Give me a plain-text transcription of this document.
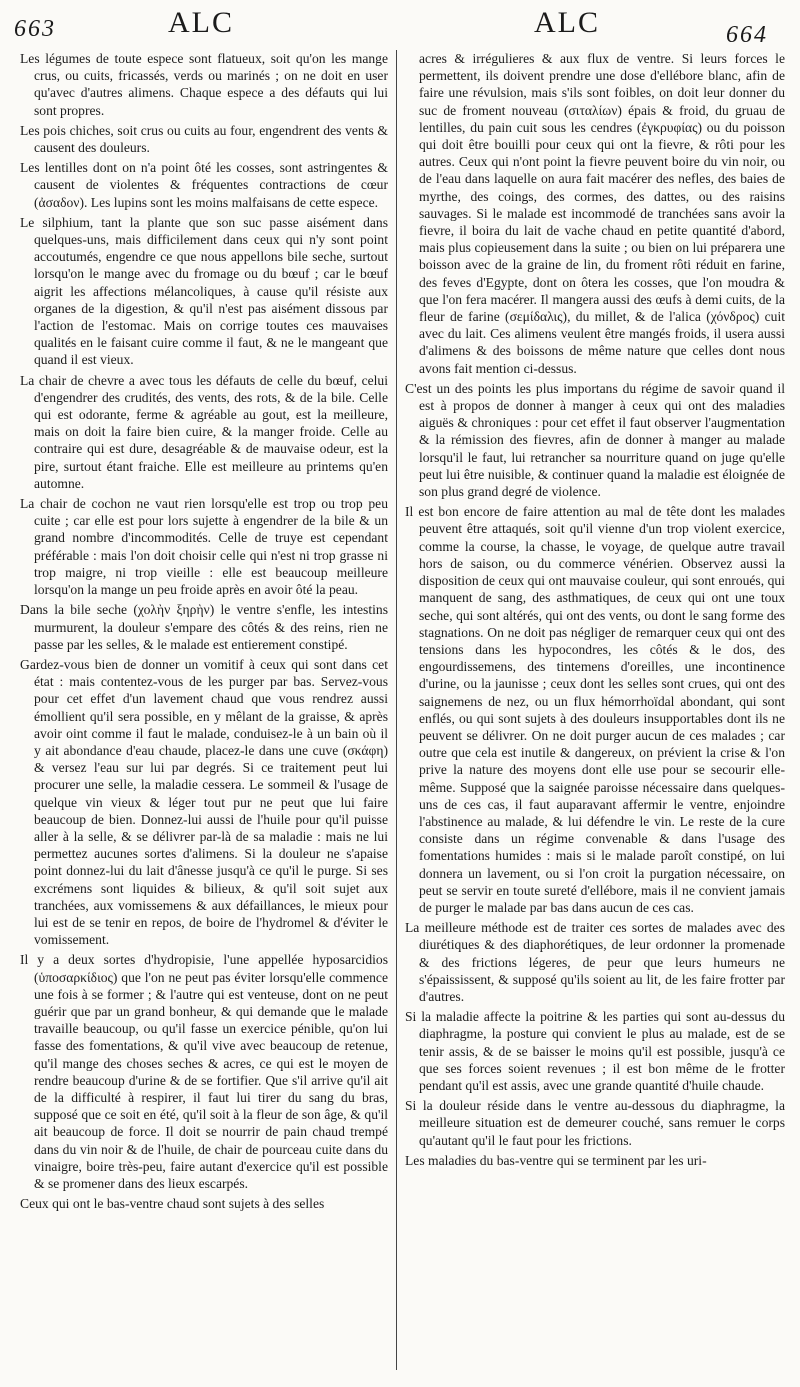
663	ALC	ALC	664

Les légumes de toute espece sont flatueux, soit qu'on les mange crus, ou cuits, fricassés, verds ou marinés ; on ne doit en user qu'avec d'autres alimens. Chaque espece a des défauts qui lui sont propres.

Les pois chiches, soit crus ou cuits au four, engendrent des vents & causent des douleurs.

Les lentilles dont on n'a point ôté les cosses, sont astringentes & causent de violentes & fréquentes contractions de cœur (ἀσαδον). Les lupins sont les moins malfaisans de cette espece.

Le silphium, tant la plante que son suc passe aisément dans quelques-uns, mais difficilement dans ceux qui n'y sont point accoutumés, engendre ce que nous appellons bile seche, surtout lorsqu'on le mange avec du fromage ou du bœuf ; car le bœuf aigrit les affections mélancoliques, à cause qu'il résiste aux organes de la digestion, & qu'il n'est pas aisément dissous par l'action de l'estomac. Mais on corrige toutes ces mauvaises qualités en le faisant cuire comme il faut, & ne le mangeant que quand il est vieux.

La chair de chevre a avec tous les défauts de celle du bœuf, celui d'engendrer des crudités, des vents, des rots, & de la bile. Celle qui est odorante, ferme & agréable au gout, est la meilleure, mais on doit la faire bien cuire, & la manger froide. Celle au contraire qui est dure, desagréable & de mauvaise odeur, est la pire, surtout étant fraiche. Elle est meilleure au printems qu'en automne.

La chair de cochon ne vaut rien lorsqu'elle est trop ou trop peu cuite ; car elle est pour lors sujette à engendrer de la bile & un grand nombre d'incommodités. Celle de truye est cependant préférable : mais l'on doit choisir celle qui n'est ni trop grasse ni trop maigre, ni trop vieille : elle est beaucoup meilleure lorsqu'on la mange un peu froide après en avoir ôté la peau.

Dans la bile seche (χολὴν ξηρὴν) le ventre s'enfle, les intestins murmurent, la douleur s'empare des côtés & des reins, rien ne passe par les selles, & le malade est entierement constipé.

Gardez-vous bien de donner un vomitif à ceux qui sont dans cet état : mais contentez-vous de les purger par bas. Servez-vous pour cet effet d'un lavement chaud que vous rendrez aussi émollient qu'il sera possible, en y mêlant de la graisse, & après avoir oint comme il faut le malade, conduisez-le à un bain où il y ait abondance d'eau chaude, placez-le dans une cuve (σκάφη) & versez l'eau sur lui par degrés. Si ce traitement peut lui procurer une selle, la maladie cessera. Le sommeil & l'usage de quelque vin vieux & léger tout pur ne peut que lui faire beaucoup de bien. Donnez-lui aussi de l'huile pour qu'il puisse aller à la selle, & se délivrer par-là de sa maladie : mais ne lui permettez aucunes sortes d'alimens. Si la douleur ne s'apaise point donnez-lui du lait d'ânesse jusqu'à ce qu'il le purge. Si ses excrémens sont liquides & bilieux, & qu'il soit sujet aux tranchées, aux vomissemens & aux défaillances, le mieux pour lui est de se tenir en repos, de boire de l'hydromel & d'éviter le vomissement.

Il y a deux sortes d'hydropisie, l'une appellée hyposarcidios (ὑποσαρκίδιος) que l'on ne peut pas éviter lorsqu'elle commence une fois à se former ; & l'autre qui est venteuse, dont on ne peut guérir que par un grand bonheur, & qui demande que le malade travaille beaucoup, ou qu'il fasse un exercice pénible, qu'on lui fasse des fomentations, & qu'il vive avec beaucoup de retenue, qu'il mange des choses seches & acres, ce qui est le moyen de rendre beaucoup d'urine & de se fortifier. Que s'il arrive qu'il ait de la difficulté à respirer, il faut lui tirer du sang du bras, supposé que ce soit en été, qu'il soit à la fleur de son âge, & qu'il ait beaucoup de force. Il doit se nourrir de pain chaud trempé dans du vin noir & de l'huile, de chair de pourceau cuite dans du vinaigre, boire très-peu, faire autant d'exercice qu'il est possible & se promener dans des lieux escarpés.

Ceux qui ont le bas-ventre chaud sont sujets à des selles

acres & irrégulieres & aux flux de ventre. Si leurs forces le permettent, ils doivent prendre une dose d'ellébore blanc, afin de faire une révulsion, mais s'ils sont foibles, on doit leur donner du suc de froment nouveau (σιταλίων) épais & froid, du gruau de lentilles, du pain cuit sous les cendres (ἐγκρυφίας) ou du poisson qui doit être bouilli pour ceux qui ont la fievre, & rôti pour les autres. Ceux qui n'ont point la fievre peuvent boire du vin noir, ou de l'eau dans laquelle on aura fait macérer des nefles, des baies de myrthe, des coings, des cormes, des dattes, ou des raisins sauvages. Si le malade est incommodé de tranchées sans avoir la fievre, il boira du lait de vache chaud en petite quantité d'abord, mais plus copieusement dans la suite ; ou bien on lui préparera une boisson avec de la graine de lin, du froment rôti réduit en farine, des feves d'Egypte, dont on ôtera les cosses, que l'on moudra & que l'on fera macérer. Il mangera aussi des œufs à demi cuits, de la fleur de farine (σεμίδαλις), du millet, & de l'alica (χόνδρος) cuit avec du lait. Ces alimens veulent être mangés froids, il usera aussi d'alimens & des boissons de même nature que celles dont nous avons fait mention ci-dessus.

C'est un des points les plus importans du régime de savoir quand il est à propos de donner à manger à ceux qui ont des maladies aiguës & chroniques : pour cet effet il faut observer l'augmentation & la rémission des fievres, afin de donner à manger au malade lorsqu'il le faut, lui retrancher sa nourriture quand on juge qu'elle peut lui être nuisible, & continuer quand la maladie est éloignée de son plus grand degré de violence.

Il est bon encore de faire attention au mal de tête dont les malades peuvent être attaqués, soit qu'il vienne d'un trop violent exercice, comme la course, la chasse, le voyage, de quelque autre travail hors de saison, ou du commerce vénérien. Observez aussi la disposition de ceux qui ont mauvaise couleur, qui sont enroués, qui manquent de sang, des asthmatiques, de ceux qui ont une toux seche, qui sont altérés, qui ont des vents, ou dont le sang forme des stagnations. On ne doit pas négliger de remarquer ceux qui ont des tensions dans les hypocondres, les côtés & le dos, des engourdissemens, des tintemens d'oreilles, une incontinence d'urine, ou la jaunisse ; ceux dont les selles sont crues, qui ont des saignemens de nez, ou un flux hémorrhoïdal abondant, qui sont enflés, ou qui sont sujets à des douleurs insupportables dont ils ne peuvent se délivrer. On ne doit purger aucun de ces malades ; car outre que cela est inutile & dangereux, on prévient la crise & l'on prive la nature des moyens dont elle use pour se secourir elle-même. Supposé que la saignée paroisse nécessaire dans quelques-uns de ces cas, il faut auparavant affermir le ventre, enjoindre l'abstinence au malade, & lui défendre le vin. Le reste de la cure consiste dans un régime convenable & dans l'usage des fomentations humides : mais si le malade paroît constipé, on lui donnera un lavement, ou si l'on croit la purgation nécessaire, on peut se servir en toute sureté d'ellébore, mais il ne convient jamais de purger le malade par bas dans aucun de ces cas.

La meilleure méthode est de traiter ces sortes de malades avec des diurétiques & des diaphorétiques, de leur ordonner la promenade & des frictions légeres, de peur que leurs humeurs ne s'épaississent, & supposé qu'ils soient au lit, de les faire frotter par d'autres.

Si la maladie affecte la poitrine & les parties qui sont au-dessus du diaphragme, la posture qui convient le plus au malade, est de se tenir assis, & de se baisser le moins qu'il est possible, jusqu'à ce que ses forces soient revenues ; il est bon même de le frotter pendant qu'il est assis, avec une grande quantité d'huile chaude.

Si la douleur réside dans le ventre au-dessous du diaphragme, la meilleure situation est de demeurer couché, sans remuer le corps qu'autant qu'il le faut pour les frictions.

Les maladies du bas-ventre qui se terminent par les uri-
